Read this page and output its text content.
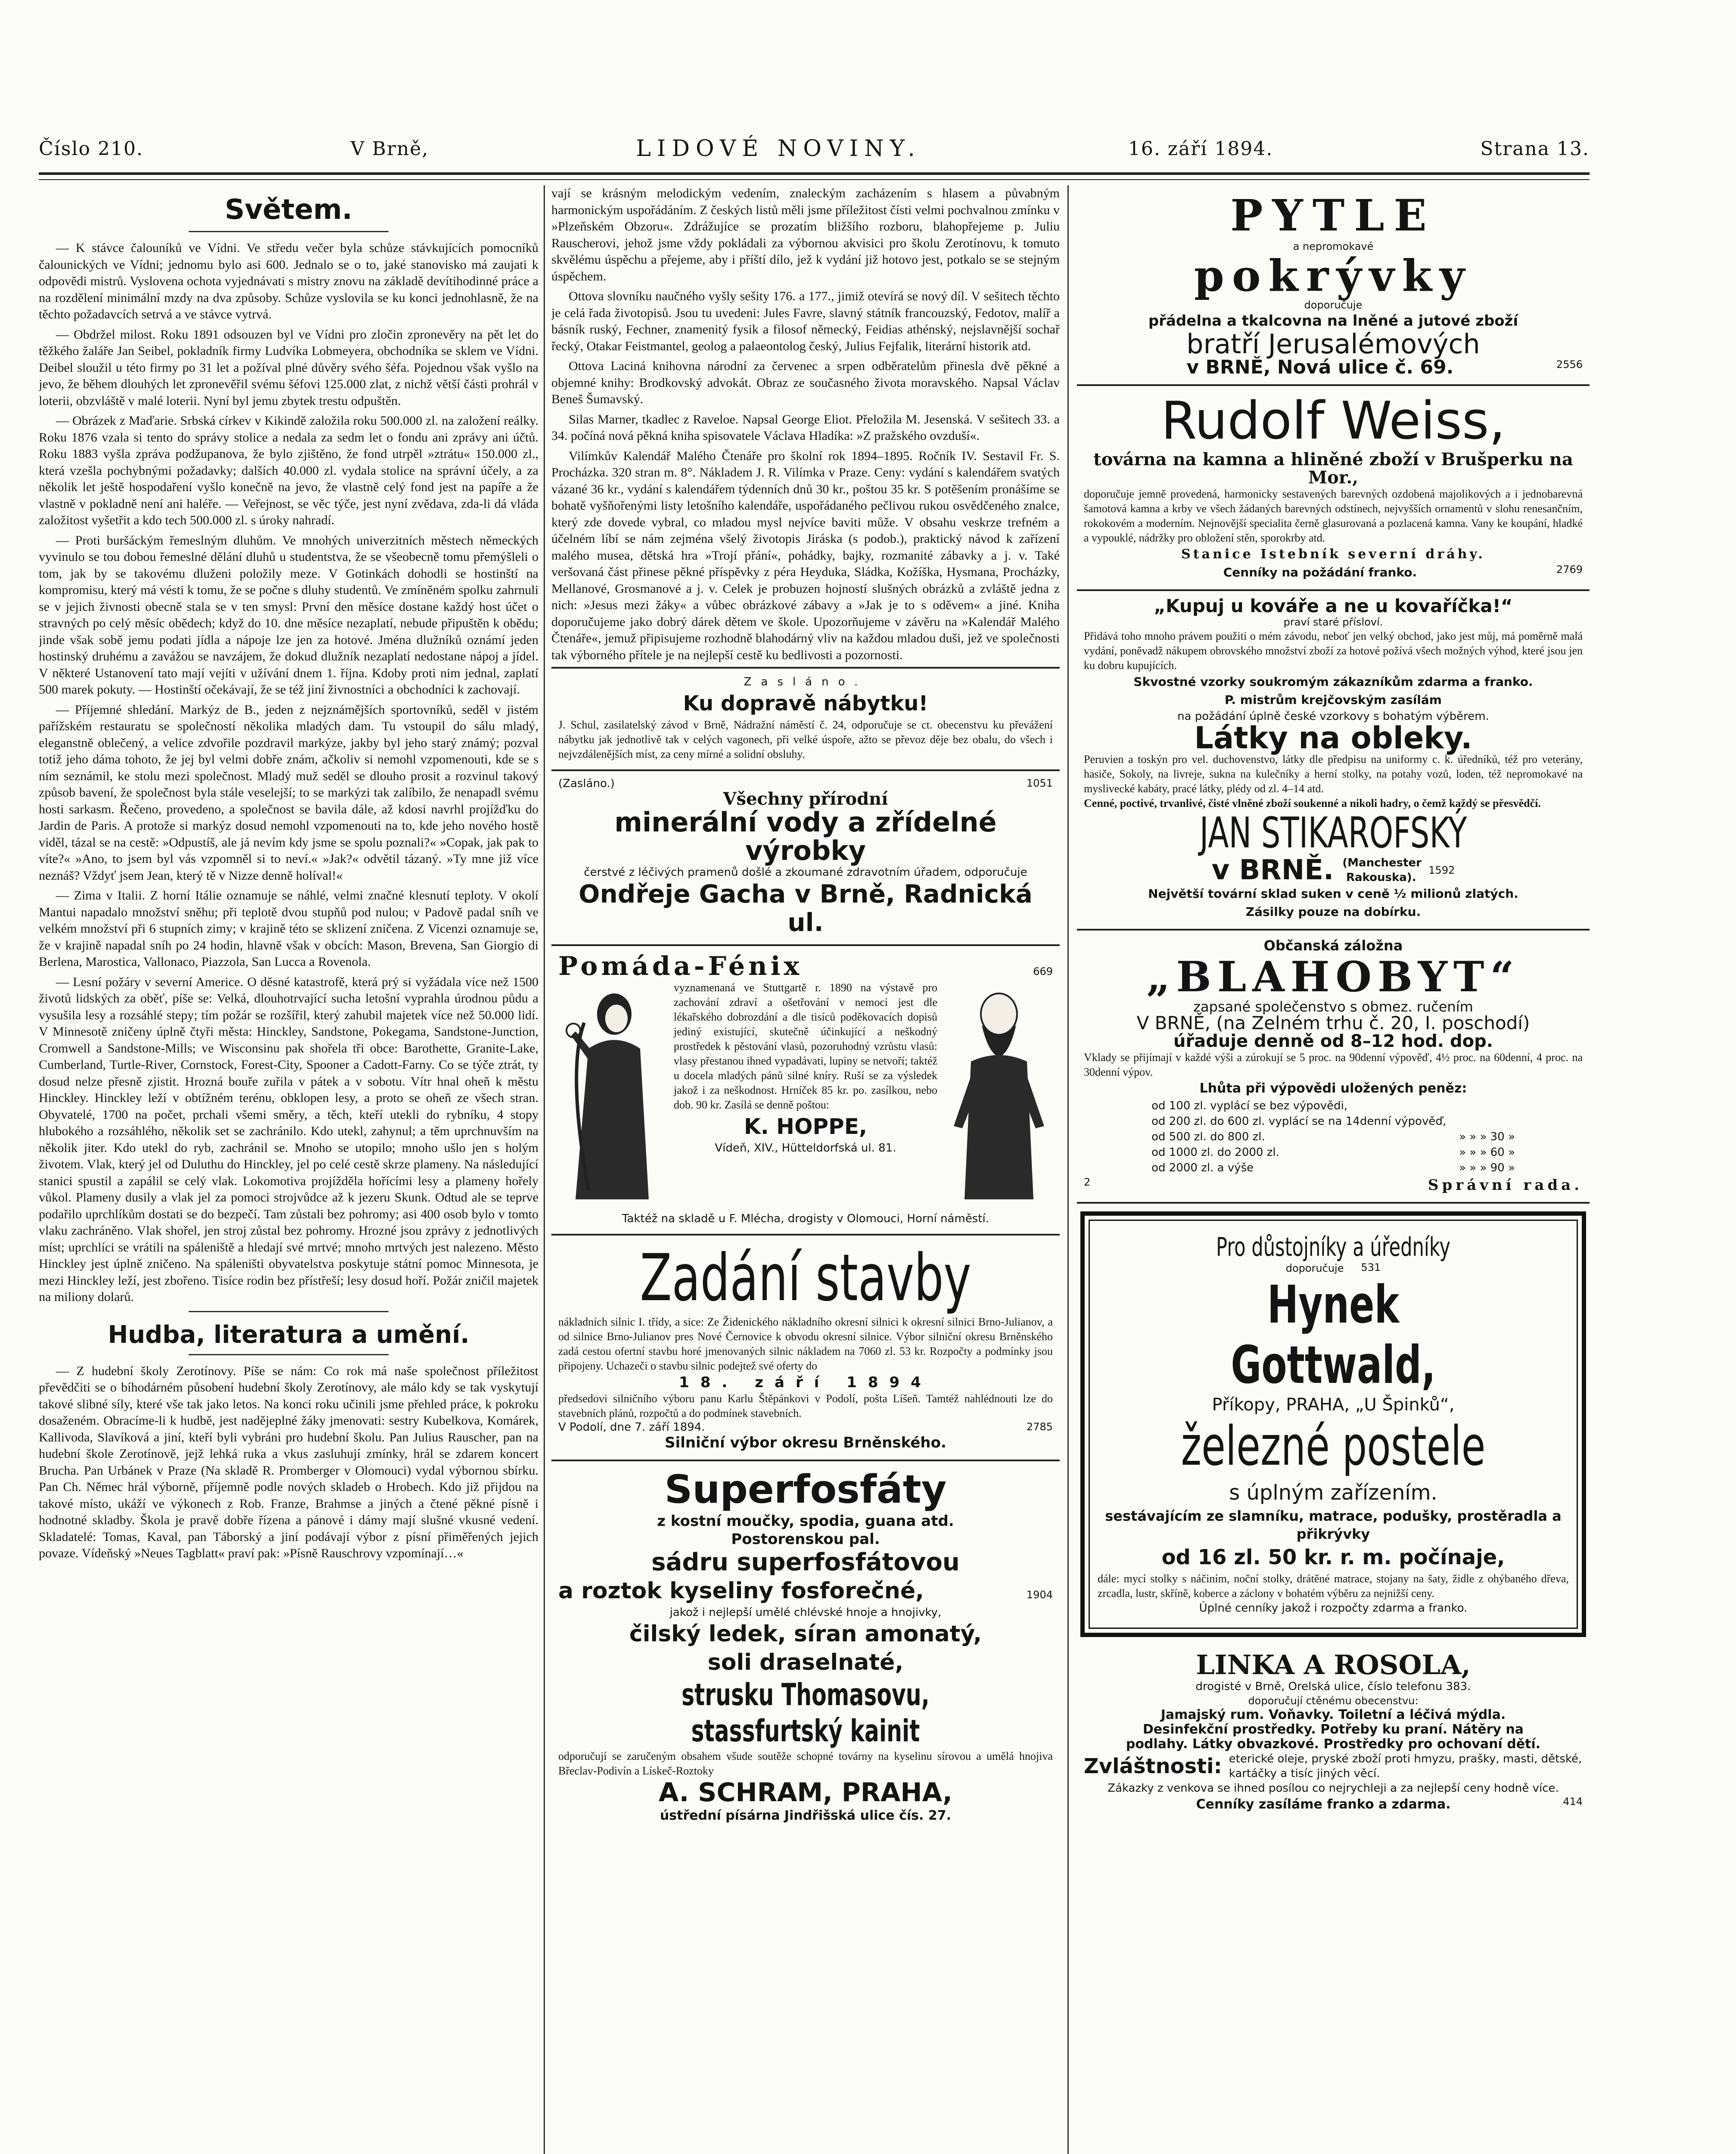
Číslo 210.	V Brně,	LIDOVÉ NOVINY.	16. září 1894.	Strana 13.
Světem.

— K stávce čalouníků ve Vídni. Ve středu večer byla schůze stávkujících pomocníků čalounických ve Vídni; jednomu bylo asi 600. Jednalo se o to, jaké stanovisko má zaujati k odpovědi mistrů. Vyslovena ochota vyjednávati s mistry znovu na základě devítihodinné práce a na rozdělení minimální mzdy na dva způsoby. Schůze vyslovila se ku konci jednohlasně, že na těchto požadavcích setrvá a ve stávce vytrvá.

— Obdržel milost. Roku 1891 odsouzen byl ve Vídni pro zločin zpronevěry na pět let do těžkého žaláře Jan Seibel, pokladník firmy Ludvíka Lobmeyera, obchodníka se sklem ve Vídni. Deibel sloužil u této firmy po 31 let a požíval plné důvěry svého šéfa. Pojednou však vyšlo na jevo, že během dlouhých let zpronevěřil svému šéfovi 125.000 zlat, z nichž větší části prohrál v loterii, obzvláště v malé loterii. Nyní byl jemu zbytek trestu odpuštěn.

— Obrázek z Maďarie. Srbská církev v Kikindě založila roku 500.000 zl. na založení reálky. Roku 1876 vzala si tento do správy stolice a nedala za sedm let o fondu ani zprávy ani účtů. Roku 1883 vyšla zpráva podžupanova, že bylo zjištěno, že fond utrpěl »ztrátu« 150.000 zl., která vzešla pochybnými požadavky; dalších 40.000 zl. vydala stolice na správní účely, a za několik let ještě hospodaření vyšlo konečně na jevo, že vlastně celý fond jest na papíře a že vlastně v pokladně není ani haléře. — Veřejnost, se věc týče, jest nyní zvědava, zda-li dá vláda založitost vyšetřit a kdo tech 500.000 zl. s úroky nahradí.

— Proti buršáckým řemeslným dluhům. Ve mnohých univerzitních městech německých vyvinulo se tou dobou řemeslné dělání dluhů u studentstva, že se všeobecně tomu přemýšleli o tom, jak by se takovému dluženi položily meze. V Gotinkách dohodli se hostinští na kompromisu, který má vésti k tomu, že se počne s dluhy studentů. Ve zmíněném spolku zahrnuli se v jejich živnosti obecně stala se v ten smysl: První den měsíce dostane každý host účet o stravných po celý měsíc obědech; když do 10. dne měsíce nezaplatí, nebude připuštěn k obědu; jinde však sobě jemu podati jídla a nápoje lze jen za hotové. Jména dlužníků oznámí jeden hostinský druhému a zavážou se navzájem, že dokud dlužník nezaplatí nedostane nápoj a jídel. V některé Ustanovení tato mají vejíti v užívání dnem 1. října. Kdoby proti nim jednal, zaplatí 500 marek pokuty. — Hostinští očekávají, že se též jiní živnostníci a obchodníci k zachovají.

— Příjemné shledání. Markýz de B., jeden z nejznámějších sportovníků, seděl v jistém pařížském restauratu se společností několika mladých dam. Tu vstoupil do sálu mladý, eleganstně oblečený, a velice zdvořile pozdravil markýze, jakby byl jeho starý známý; pozval totiž jeho dáma tohoto, že jej byl velmi dobře znám, ačkoliv si nemohl vzpomenouti, kde se s ním seznámil, ke stolu mezi společnost. Mladý muž seděl se dlouho prosit a rozvinul takový způsob bavení, že společnost byla stále veselejší; to se markýzi tak zalíbilo, že nenapadl svému hosti sarkasm. Řečeno, provedeno, a společnost se bavila dále, až kdosi navrhl projížďku do Jardin de Paris. A protože si markýz dosud nemohl vzpomenouti na to, kde jeho nového hostě viděl, tázal se na cestě: »Odpustíš, ale já nevím kdy jsme se spolu poznali?« »Copak, jak pak to víte?« »Ano, to jsem byl vás vzpomněl si to neví.« »Jak?« odvětil tázaný. »Ty mne již více neznáš? Vždyť jsem Jean, který tě v Nizze denně holíval!«

— Zima v Italii. Z horní Itálie oznamuje se náhlé, velmi značné klesnutí teploty. V okolí Mantui napadalo množství sněhu; při teplotě dvou stupňů pod nulou; v Padově padal sníh ve velkém množství při 6 stupních zimy; v krajině této se sklizení zničena. Z Vicenzi oznamuje se, že v krajině napadal sníh po 24 hodin, hlavně však v obcích: Mason, Brevena, San Giorgio di Berlena, Marostica, Vallonaco, Piazzola, San Lucca a Rovenola.

— Lesní požáry v severní Americe. O děsné katastrofě, která prý si vyžádala více než 1500 životů lidských za oběť, píše se: Velká, dlouhotrvající sucha letošní vyprahla úrodnou půdu a vysušila lesy a rozsáhlé stepy; tím požár se rozšířil, který zahubil majetek více než 50.000 lidí. V Minnesotě zničeny úplně čtyři města: Hinckley, Sandstone, Pokegama, Sandstone-Junction, Cromwell a Sandstone-Mills; ve Wisconsinu pak shořela tři obce: Barothette, Granite-Lake, Cumberland, Turtle-River, Cornstock, Forest-City, Spooner a Cadott-Farny. Co se týče ztrát, ty dosud nelze přesně zjistit. Hrozná bouře zuřila v pátek a v sobotu. Vítr hnal oheň k městu Hinckley. Hinckley leží v obtížném terénu, obklopen lesy, a proto se oheň ze všech stran. Obyvatelé, 1700 na počet, prchali všemi směry, a těch, kteří utekli do rybníku, 4 stopy hlubokého a rozsáhlého, několik set se zachránilo. Kdo utekl, zahynul; a těm uprchnuvším na několik jiter. Kdo utekl do ryb, zachránil se. Mnoho se utopilo; mnoho ušlo jen s holým životem. Vlak, který jel od Duluthu do Hinckley, jel po celé cestě skrze plameny. Na následující stanici spustil a zapálil se celý vlak. Lokomotiva projížděla hořícími lesy a plameny hořely vůkol. Plameny dusily a vlak jel za pomoci strojvůdce až k jezeru Skunk. Odtud ale se teprve podařilo uprchlíkům dostati se do bezpečí. Tam zůstali bez pohromy; asi 400 osob bylo v tomto vlaku zachráněno. Vlak shořel, jen stroj zůstal bez pohromy. Hrozné jsou zprávy z jednotlivých míst; uprchlíci se vrátili na spáleniště a hledají své mrtvé; mnoho mrtvých jest nalezeno. Město Hinckley jest úplně zničeno. Na spáleništi obyvatelstva poskytuje státní pomoc Minnesota, je mezi Hinckley leží, jest zbořeno. Tisíce rodin bez přístřeší; lesy dosud hoří. Požár zničil majetek na miliony dolarů.

Hudba, literatura a umění.

— Z hudební školy Zerotínovy. Píše se nám: Co rok má naše společnost příležitost převědčiti se o bíhodárném působení hudební školy Zerotínovy, ale málo kdy se tak vyskytují takové slibné síly, které vše tak jako letos. Na konci roku učinili jsme přehled práce, k pokroku dosaženém. Obracíme-li k hudbě, jest nadějeplné žáky jmenovati: sestry Kubelkova, Komárek, Kallivoda, Slavíková a jiní, kteří byli vybráni pro hudební školu. Pan Julius Rauscher, pan na hudební škole Zerotínově, jejž lehká ruka a vkus zasluhují zmínky, hrál se zdarem koncert Brucha. Pan Urbánek v Praze (Na skladě R. Promberger v Olomouci) vydal výbornou sbírku. Pan Ch. Němec hrál výborně, příjemně podle nových skladeb o Hrobech. Kdo již přijdou na takové místo, ukáží ve výkonech z Rob. Franze, Brahmse a jiných a čtené pěkné písně i hodnotné skladby. Škola je pravě dobře řízena a pánové i dámy mají slušné vkusné vedení. Skladatelé: Tomas, Kaval, pan Táborský a jiní podávají výbor z písní přiměřených jejich povaze. Vídeňský »Neues Tagblatt« praví pak: »Písně Rauschrovy vzpomínají…«

vají se krásným melodickým vedením, znaleckým zacházením s hlasem a půvabným harmonickým uspořádáním. Z českých listů měli jsme příležitost čísti velmi pochvalnou zmínku v »Plzeňském Obzoru«. Zdrážujíce se prozatím bližšího rozboru, blahopřejeme p. Juliu Rauscherovi, jehož jsme vždy pokládali za výbornou akvisici pro školu Zerotínovu, k tomuto skvělému úspěchu a přejeme, aby i příští dílo, jež k vydání již hotovo jest, potkalo se se stejným úspěchem.

Ottova slovníku naučného vyšly sešity 176. a 177., jimiž otevírá se nový díl. V sešitech těchto je celá řada životopisů. Jsou tu uvedeni: Jules Favre, slavný státník francouzský, Fedotov, malíř a básník ruský, Fechner, znamenitý fysik a filosof německý, Feidias athénský, nejslavnější sochař řecký, Otakar Feistmantel, geolog a palaeontolog český, Julius Fejfalik, literární historik atd.

Ottova Laciná knihovna národní za červenec a srpen odběratelům přinesla dvě pěkné a objemné knihy: Brodkovský advokát. Obraz ze současného života moravského. Napsal Václav Beneš Šumavský.

Silas Marner, tkadlec z Raveloe. Napsal George Eliot. Přeložila M. Jesenská. V sešitech 33. a 34. počíná nová pěkná kniha spisovatele Václava Hladíka: »Z pražského ovzduší«.

Vilímkův Kalendář Malého Čtenáře pro školní rok 1894–1895. Ročník IV. Sestavil Fr. S. Procházka. 320 stran m. 8°. Nákladem J. R. Vilímka v Praze. Ceny: vydání s kalendářem svatých vázané 36 kr., vydání s kalendářem týdenních dnů 30 kr., poštou 35 kr. S potěšením pronášíme se bohatě vyšňořenými listy letošního kalendáře, uspořádaného pečlivou rukou osvědčeného znalce, který zde dovede vybral, co mladou mysl nejvíce baviti může. V obsahu veskrze trefném a účelném líbí se nám zejména všelý životopis Jiráska (s podob.), praktický návod k zařízení malého musea, dětská hra »Trojí přání«, pohádky, bajky, rozmanité zábavky a j. v. Také veršovaná část přinese pěkné příspěvky z péra Heyduka, Sládka, Kožíška, Hysmana, Procházky, Mellanové, Grosmanové a j. v. Celek je probuzen hojností slušných obrázků a zvláště jedna z nich: »Jesus mezi žáky« a vůbec obrázkové zábavy a »Jak je to s oděvem« a jiné. Kniha doporučujeme jako dobrý dárek dětem ve škole. Upozorňujeme v závěru na »Kalendář Malého Čtenáře«, jemuž připisujeme rozhodně blahodárný vliv na každou mladou duši, jež ve společnosti tak výborného přítele je na nejlepší cestě ku bedlivosti a pozornosti.

Zasláno.
Ku dopravě nábytku!
J. Schul, zasilatelský závod v Brně, Nádražní náměstí č. 24, odporučuje se ct. obecenstvu ku převážení nábytku jak jednotlivě tak v celých vagonech, při velké úspoře, ažto se převoz děje bez obalu, do všech i nejvzdálenějších míst, za ceny mírné a solidní obsluhy.
(Zasláno.)	1051
Všechny přírodní
minerální vody a zřídelné výrobky
čerstvé z léčivých pramenů došlé a zkoumané zdravotním úřadem, odporučuje
Ondřeje Gacha v Brně, Radnická ul.
Pomáda-Fénix	669
vyznamenaná ve Stuttgartě r. 1890 na výstavě pro zachování zdraví a ošetřování v nemoci jest dle lékařského dobrozdání a dle tisíců poděkovacích dopisů jediný existující, skutečně účinkující a neškodný prostředek k pěstování vlasů, pozoruhodný vzrůstu vlasů: vlasy přestanou ihned vypadávati, lupiny se netvoří; taktéž u docela mladých pánů silné kníry. Ruší se za výsledek jakož i za neškodnost. Hrníček 85 kr. po. zasílkou, nebo dob. 90 kr. Zasílá se denně poštou:
K. HOPPE,
Vídeň, XIV., Hütteldorfská ul. 81.
Taktéž na skladě u F. Mlécha, drogisty v Olomouci, Horní náměstí.
Zadání stavby
nákladních silnic I. třídy, a sice: Ze Židenického nákladního okresní silnici k okresní silnici Brno-Julianov, a od silnice Brno-Julianov pres Nové Černovice k obvodu okresní silnice. Výbor silniční okresu Brněnského zadá cestou ofertní stavbu horé jmenovaných silnic nákladem na 7060 zl. 53 kr. Rozpočty a podmínky jsou připojeny. Uchazeči o stavbu silnic podejtež své oferty do
18. září 1894
předsedovi silničního výboru panu Karlu Štěpánkovi v Podolí, pošta Líšeň. Tamtéž nahlédnouti lze do stavebních plánů, rozpočtů a do podmínek stavebních.
V Podolí, dne 7. září 1894.	2785
Silniční výbor okresu Brněnského.
Superfosfáty
z kostní moučky, spodia, guana atd.
Postorenskou pal.
sádru superfosfátovou
a roztok kyseliny fosforečné,	1904
jakož i nejlepší umělé chlévské hnoje a hnojivky,
čilský ledek, síran amonatý,
soli draselnaté,
strusku Thomasovu, stassfurtský kainit
odporučují se zaručeným obsahem všude soutěže schopné továrny na kyselinu sírovou a umělá hnojiva Břeclav-Podivín a Lískeč-Roztoky
A. SCHRAM, PRAHA,
ústřední písárna Jindřišská ulice čís. 27.
PYTLE
a nepromokavé
pokrývky
doporučuje
přádelna a tkalcovna na lněné a jutové zboží
bratří Jerusalémových
v BRNĚ, Nová ulice č. 69.	2556
Rudolf Weiss,
továrna na kamna a hliněné zboží v Brušperku na Mor.,
doporučuje jemně provedená, harmonicky sestavených barevných ozdobená majolikových a i jednobarevná šamotová kamna a krby ve všech žádaných barevných odstínech, nejvyšších ornamentů v slohu renesančním, rokokovém a moderním. Nejnovější specialita černě glasurovaná a pozlacená kamna. Vany ke koupání, hladké a vypouklé, nádržky pro obložení stěn, sporokrby atd.
Stanice Istebník severní dráhy.
Cenníky na požádání franko.	2769
„Kupuj u kováře a ne u kovaříčka!“
praví staré přísloví.
Přidává toho mnoho právem použiti o mém závodu, neboť jen velký obchod, jako jest můj, má poměrně malá vydání, poněvadž nákupem obrovského množství zboží za hotové požívá všech možných výhod, které jsou jen ku dobru kupujících.
Skvostné vzorky soukromým zákazníkům zdarma a franko.
P. mistrům krejčovským zasílám
na požádání úplně české vzorkovy s bohatým výběrem.
Látky na obleky.
Peruvien a toskýn pro vel. duchovenstvo, látky dle předpisu na uniformy c. k. úředníků, též pro veterány, hasiče, Sokoly, na livreje, sukna na kulečníky a herní stolky, na potahy vozů, loden, též nepromokavé na myslivecké kabáty, pracé látky, plédy od zl. 4–14 atd.
Cenné, poctivé, trvanlivé, čisté vlněné zboží soukenné a nikoli hadry, o čemž každý se přesvědčí.
JAN STIKAROFSKÝ
v BRNĚ. (Manchester Rakouska).
1592
Největší tovární sklad suken v ceně ½ milionů zlatých.
Zásilky pouze na dobírku.
Občanská záložna
„BLAHOBYT“
zapsané společenstvo s obmez. ručením
V BRNĚ, (na Zelném trhu č. 20, I. poschodí)
úřaduje denně od 8–12 hod. dop.
Vklady se přijímají v každé výši a zúrokují se 5 proc. na 90denní výpověď, 4½ proc. na 60denní, 4 proc. na 30denní výpov.
Lhůta při výpovědi uložených peněz:
od 100 zl. vyplácí se bez výpovědi,	
od 200 zl. do 600 zl. vyplácí se na 14denní výpověď,	
od 500 zl. do 800 zl.	» » » 30 »
od 1000 zl. do 2000 zl.	» » » 60 »
od 2000 zl. a výše	» » » 90 »
2	Správní rada.
Pro důstojníky a úředníky
doporučuje 531
Hynek Gottwald,
Příkopy, PRAHA, „U Špinků“,
železné postele
s úplným zařízením.
sestávajícím ze slamníku, matrace, podušky, prostěradla a přikrývky
od 16 zl. 50 kr. r. m. počínaje,
dále: mycí stolky s náčiním, noční stolky, drátěné matrace, stojany na šaty, židle z ohýbaného dřeva, zrcadla, lustr, skříně, kobercе a záclony v bohatém výběru za nejnižší ceny.
Úplné cenníky jakož i rozpočty zdarma a franko.
LINKA A ROSOLA,
drogisté v Brně, Orelská ulice, číslo telefonu 383.
doporučují ctěnému obecenstvu:
Jamajský rum. Voňavky. Toiletní a léčivá mýdla.
Desinfekční prostředky. Potřeby ku praní. Nátěry na
podlahy. Látky obvazkové. Prostředky pro ochovaní dětí.
Zvláštnosti: eterické oleje, pryské zboží proti hmyzu, prašky, masti, dětské, kartáčky a tisíc jiných věcí.
Zákazky z venkova se ihned posílou co nejrychleji a za nejlepší ceny hodně více.
Cenníky zasíláme franko a zdarma.	414
